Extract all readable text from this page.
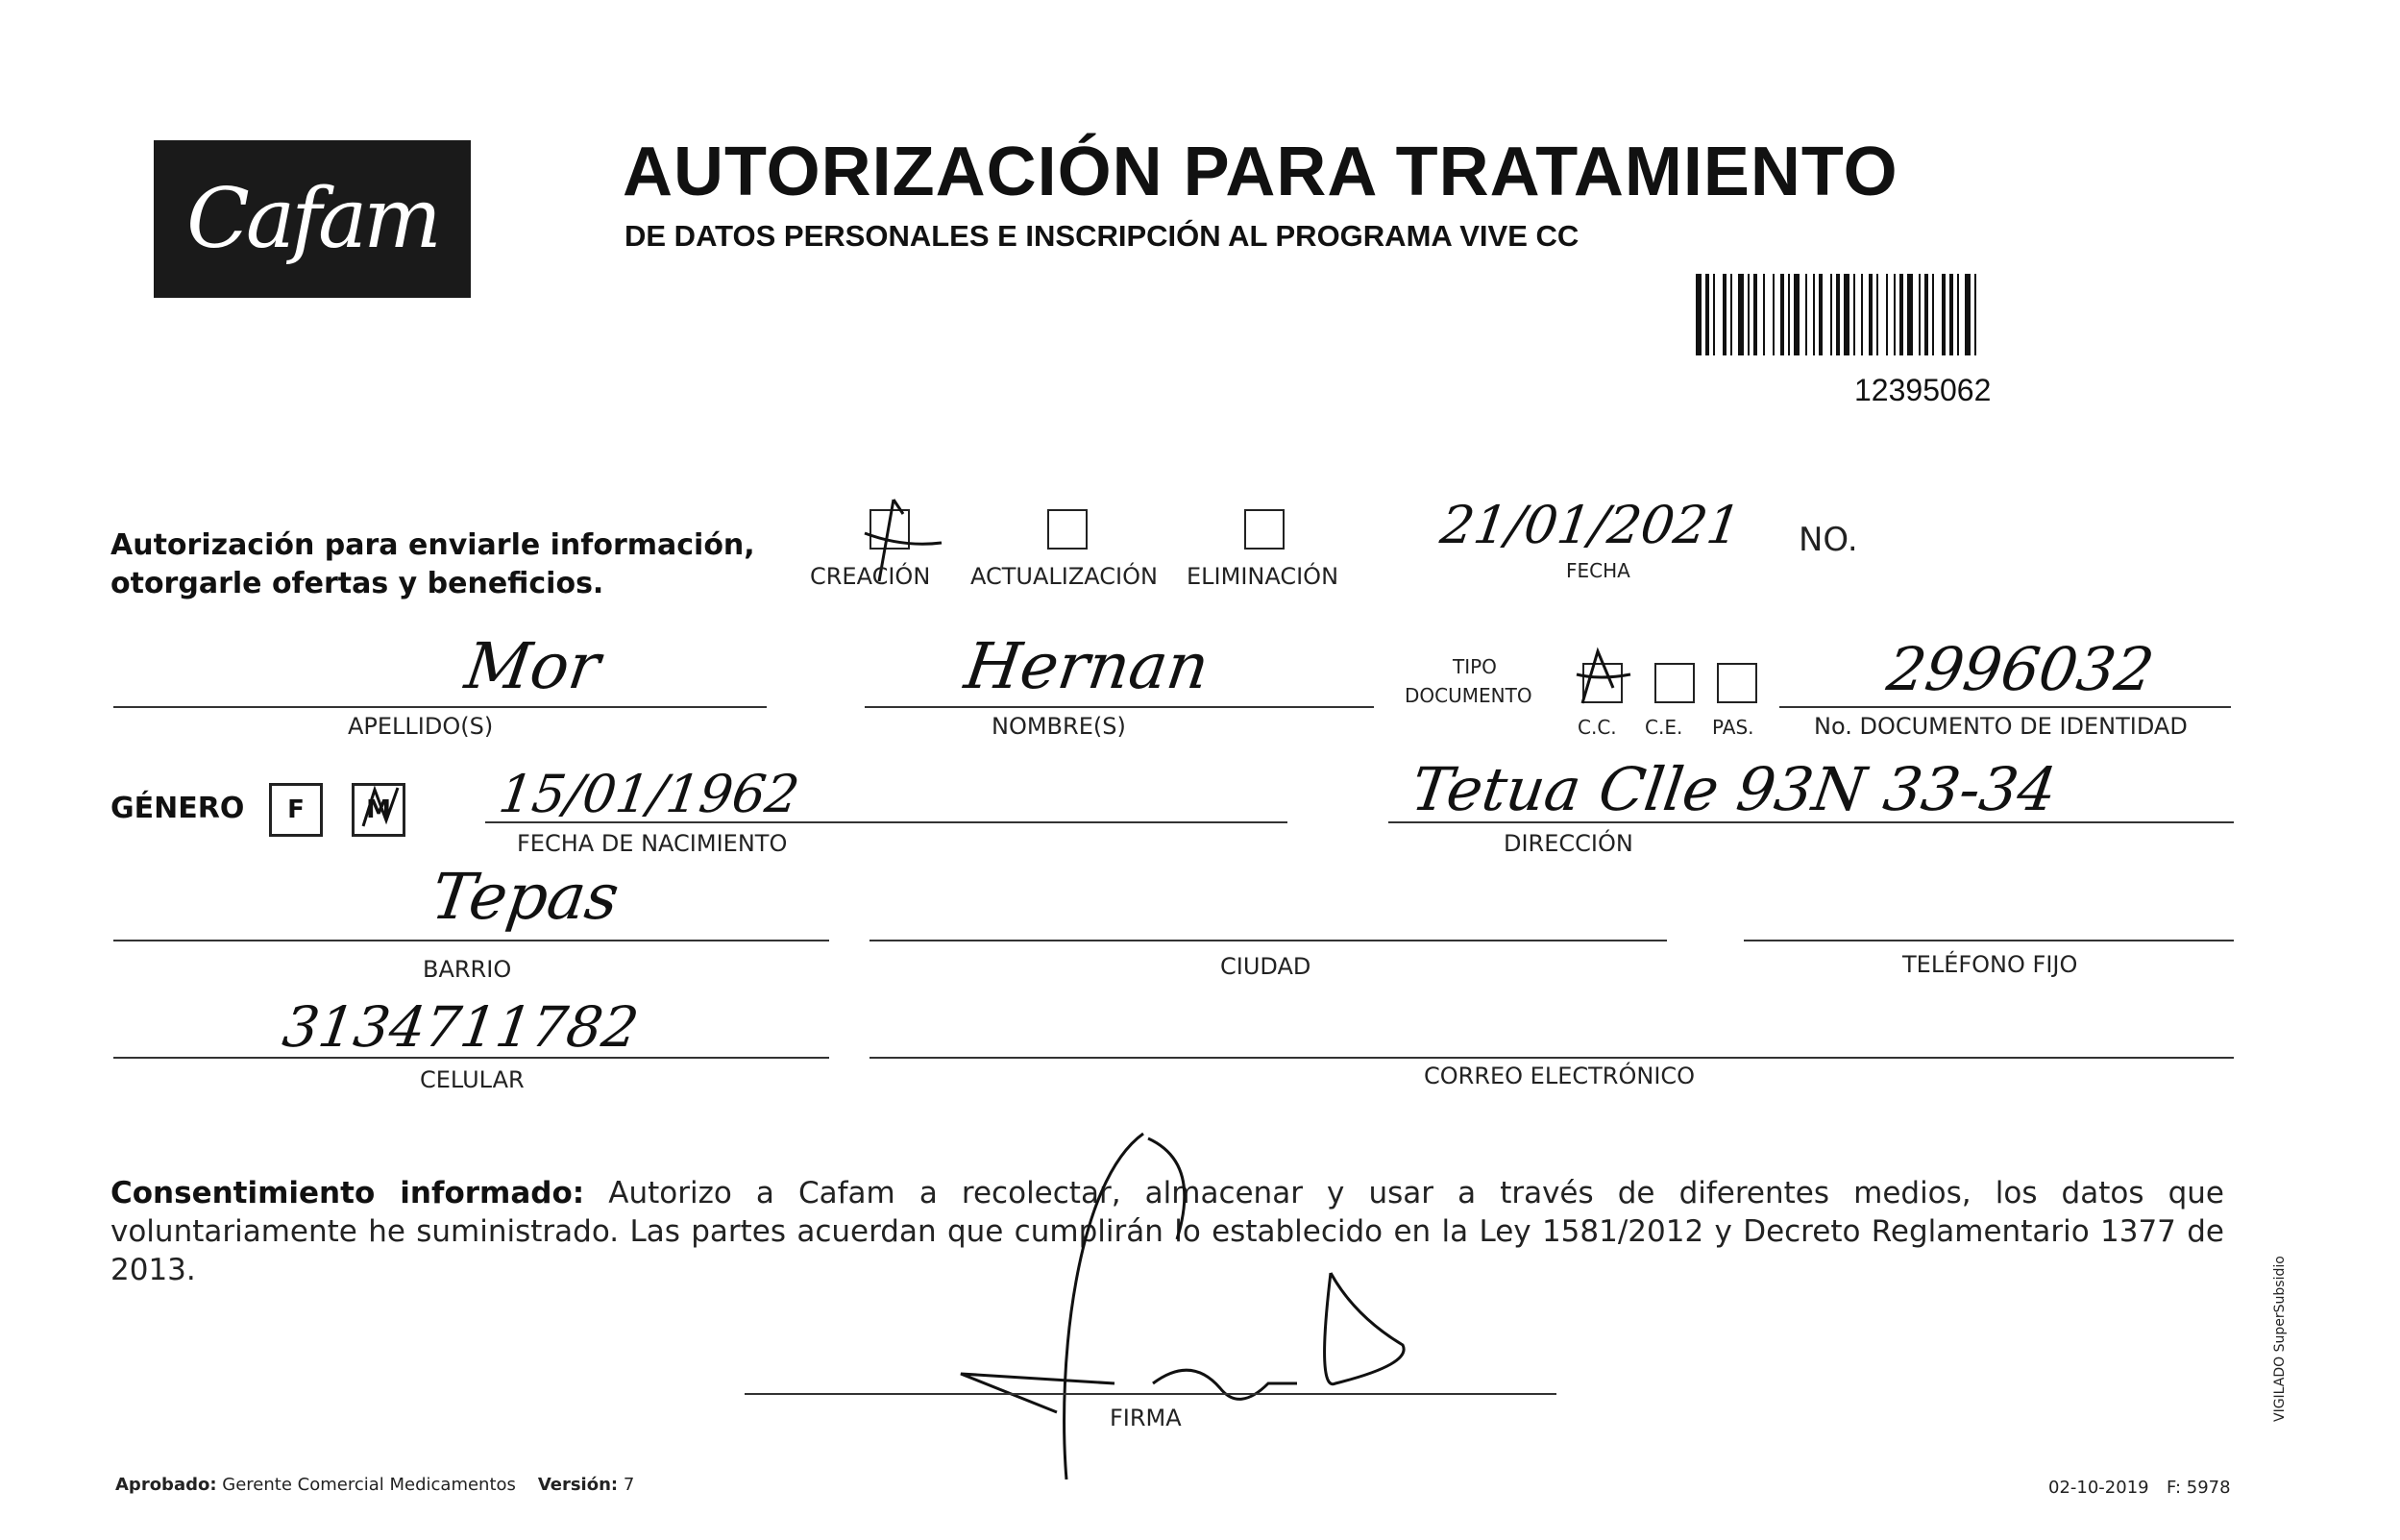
Cafam	AUTORIZACIÓN PARA TRATAMIENTO
DE DATOS PERSONALES E INSCRIPCIÓN AL PROGRAMA VIVE CC
12395062
Autorización para enviarle información,
otorgarle ofertas y beneficios.	CREACIÓN ACTUALIZACIÓN ELIMINACIÓN
21/01/2021
FECHA
NO.
Mor
APELLIDO(S)
Hernan
NOMBRE(S)
TIPO
DOCUMENTO
C.C. C.E. PAS.
2996032
No. DOCUMENTO DE IDENTIDAD
GÉNERO F M 15/01/1962
FECHA DE NACIMIENTO
Tetua Clle 93N 33-34
DIRECCIÓN
Tepas
BARRIO	CIUDAD	TELÉFONO FIJO
3134711782
CELULAR	CORREO ELECTRÓNICO
Consentimiento informado: Autorizo a Cafam a recolectar, almacenar y usar a través de diferentes medios, los datos que voluntariamente he suministrado. Las partes acuerdan que cumplirán lo establecido en la Ley 1581/2012 y Decreto Reglamentario 1377 de 2013.
FIRMA
Aprobado: Gerente Comercial Medicamentos Versión: 7	02-10-2019 F: 5978
VIGILADO SuperSubsidio
